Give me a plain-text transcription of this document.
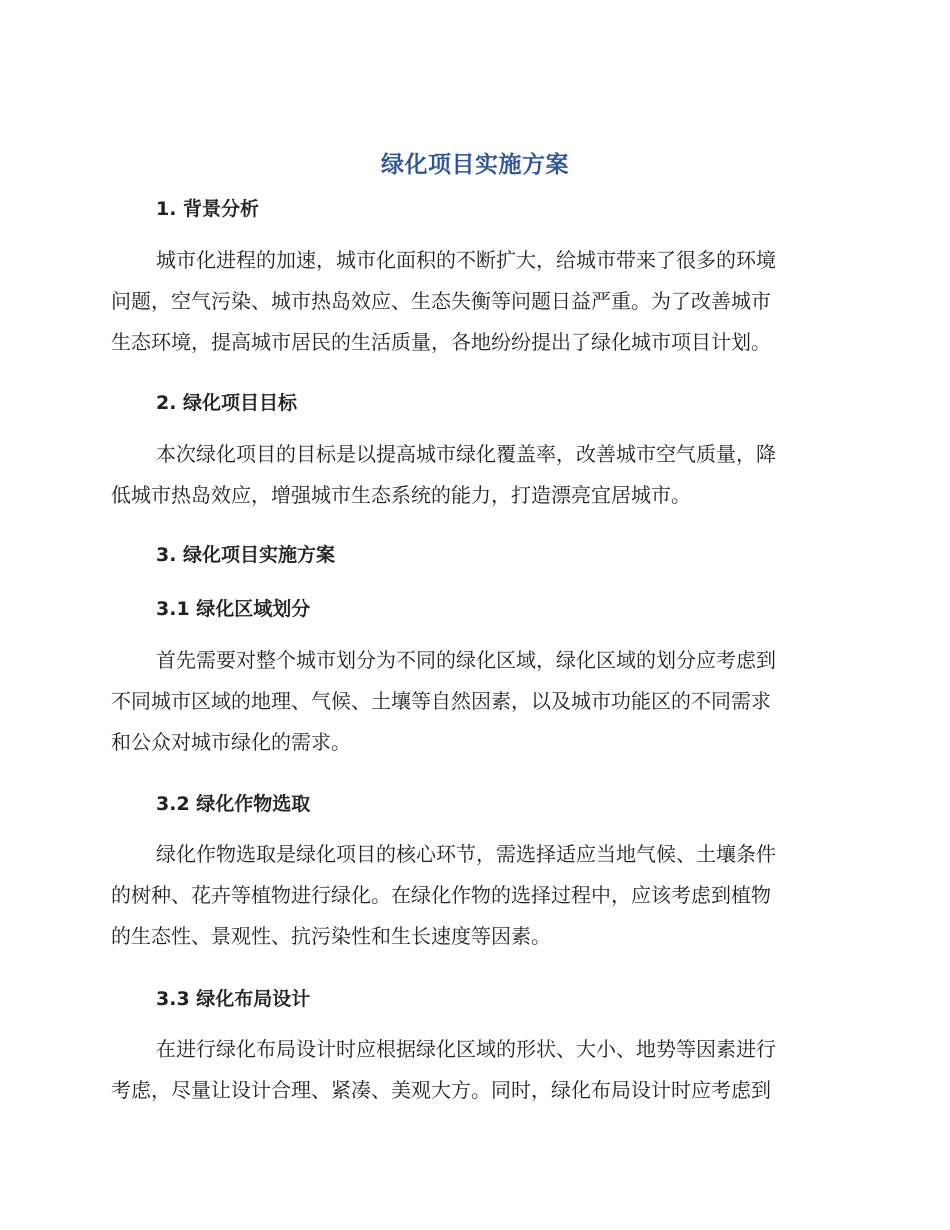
绿化项目实施方案
1. 背景分析
城市化进程的加速，城市化面积的不断扩大，给城市带来了很多的环境
问题，空气污染、城市热岛效应、生态失衡等问题日益严重。为了改善城市
生态环境，提高城市居民的生活质量，各地纷纷提出了绿化城市项目计划。
2. 绿化项目目标
本次绿化项目的目标是以提高城市绿化覆盖率，改善城市空气质量，降
低城市热岛效应，增强城市生态系统的能力，打造漂亮宜居城市。
3. 绿化项目实施方案
3.1 绿化区域划分
首先需要对整个城市划分为不同的绿化区域，绿化区域的划分应考虑到
不同城市区域的地理、气候、土壤等自然因素，以及城市功能区的不同需求
和公众对城市绿化的需求。
3.2 绿化作物选取
绿化作物选取是绿化项目的核心环节，需选择适应当地气候、土壤条件
的树种、花卉等植物进行绿化。在绿化作物的选择过程中，应该考虑到植物
的生态性、景观性、抗污染性和生长速度等因素。
3.3 绿化布局设计
在进行绿化布局设计时应根据绿化区域的形状、大小、地势等因素进行
考虑，尽量让设计合理、紧凑、美观大方。同时，绿化布局设计时应考虑到
